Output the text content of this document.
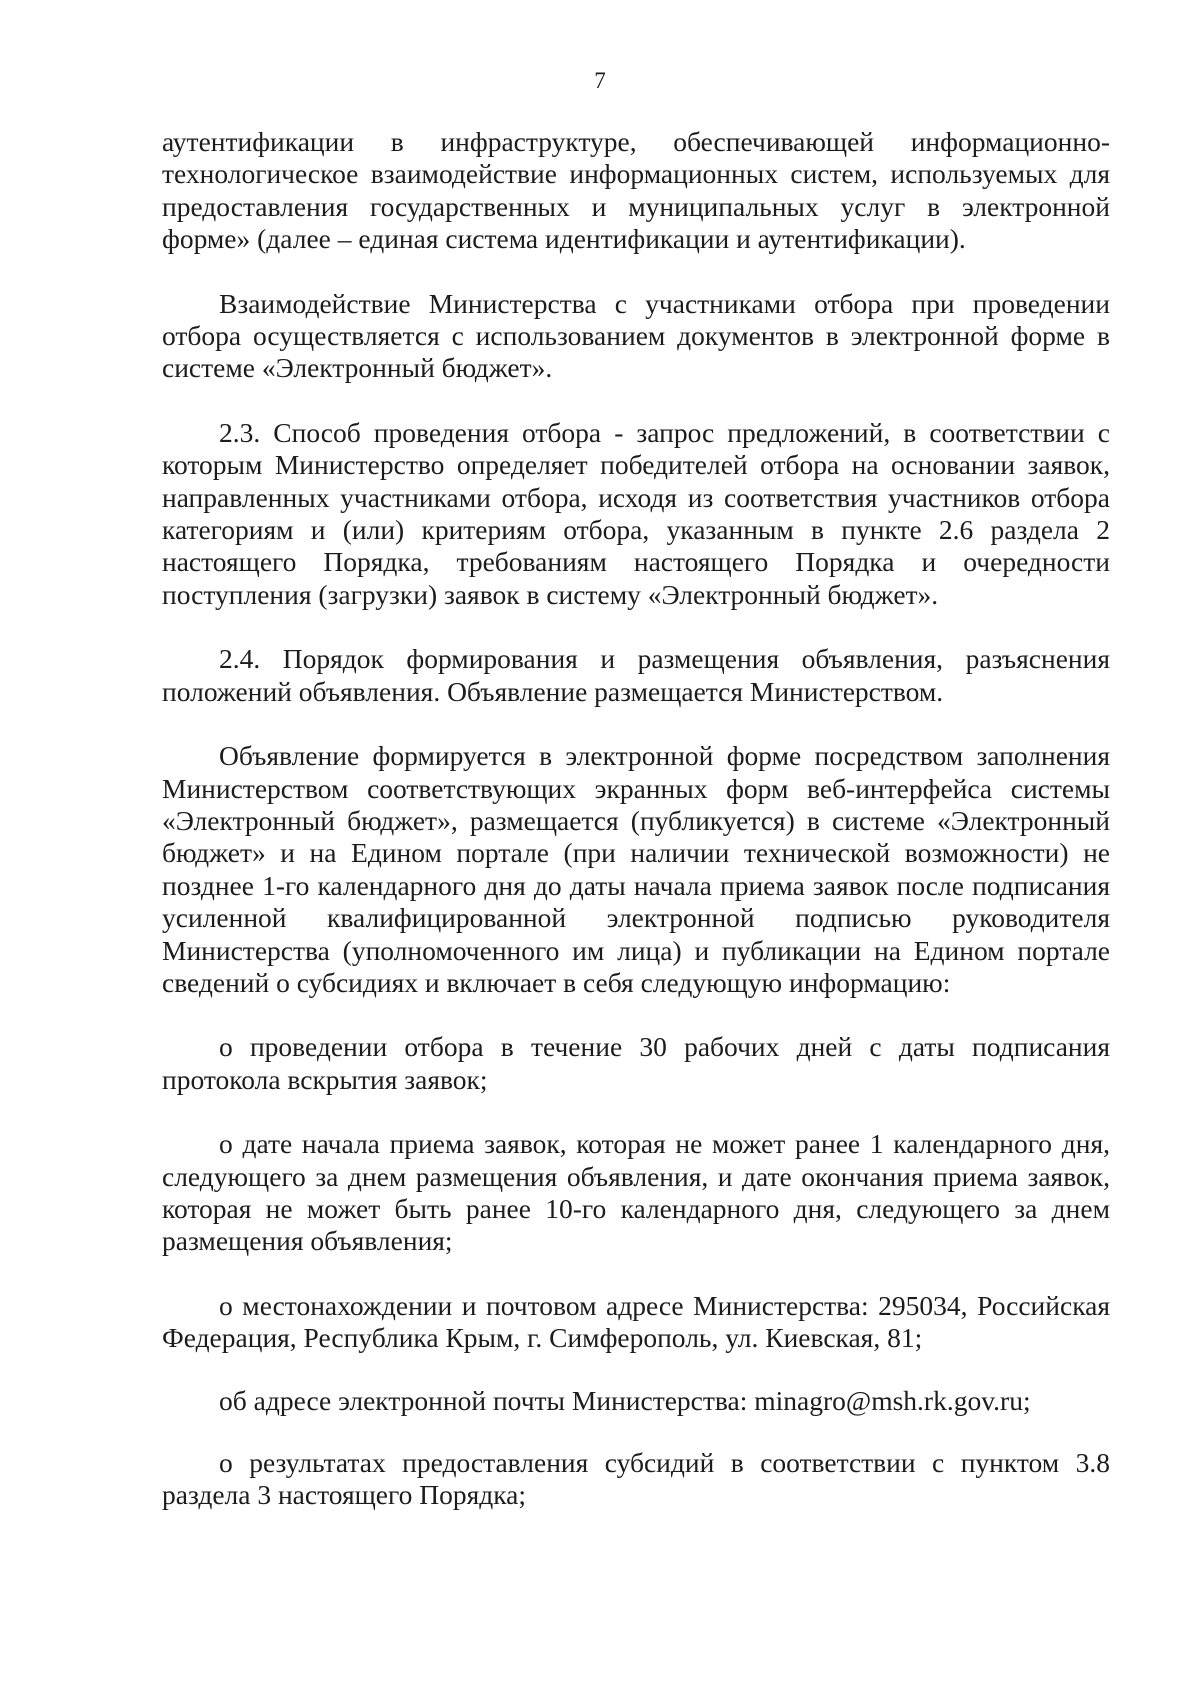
7

аутентификации в инфраструктуре, обеспечивающей информационно-технологическое взаимодействие информационных систем, используемых для предоставления государственных и муниципальных услуг в электронной форме» (далее – единая система идентификации и аутентификации).

Взаимодействие Министерства с участниками отбора при проведении отбора осуществляется с использованием документов в электронной форме в системе «Электронный бюджет».

2.3. Способ проведения отбора - запрос предложений, в соответствии с которым Министерство определяет победителей отбора на основании заявок, направленных участниками отбора, исходя из соответствия участников отбора категориям и (или) критериям отбора, указанным в пункте 2.6 раздела 2 настоящего Порядка, требованиям настоящего Порядка и очередности поступления (загрузки) заявок в систему «Электронный бюджет».

2.4. Порядок формирования и размещения объявления, разъяснения положений объявления. Объявление размещается Министерством.

Объявление формируется в электронной форме посредством заполнения Министерством соответствующих экранных форм веб-интерфейса системы «Электронный бюджет», размещается (публикуется) в системе «Электронный бюджет» и на Едином портале (при наличии технической возможности) не позднее 1-го календарного дня до даты начала приема заявок после подписания усиленной квалифицированной электронной подписью руководителя Министерства (уполномоченного им лица) и публикации на Едином портале сведений о субсидиях и включает в себя следующую информацию:

о проведении отбора в течение 30 рабочих дней с даты подписания протокола вскрытия заявок;

о дате начала приема заявок, которая не может ранее 1 календарного дня, следующего за днем размещения объявления, и дате окончания приема заявок, которая не может быть ранее 10-го календарного дня, следующего за днем размещения объявления;

о местонахождении и почтовом адресе Министерства: 295034, Российская Федерация, Республика Крым, г. Симферополь, ул. Киевская, 81;

об адресе электронной почты Министерства: minagro@msh.rk.gov.ru;

о результатах предоставления субсидий в соответствии с пунктом 3.8 раздела 3 настоящего Порядка;
